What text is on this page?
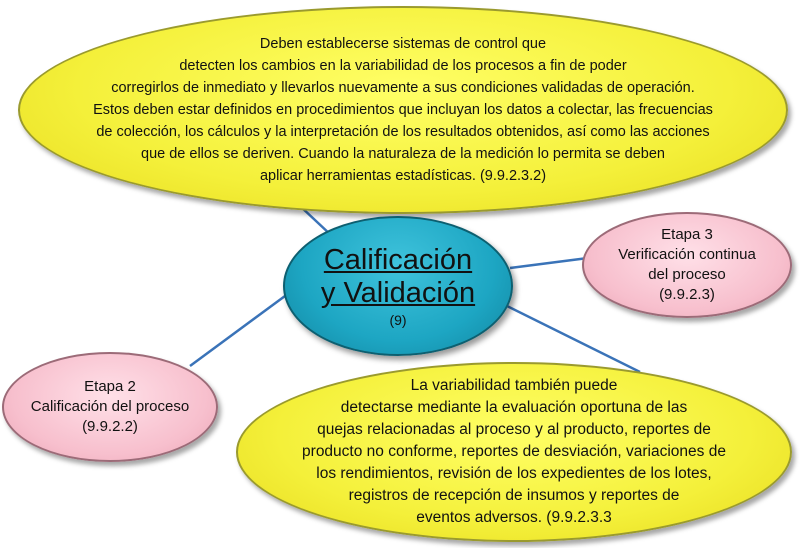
Deben establecerse sistemas de control que
detecten los cambios en la variabilidad de los procesos a fin de poder
corregirlos de inmediato y llevarlos nuevamente a sus condiciones validadas de operación.
Estos deben estar definidos en procedimientos que incluyan los datos a colectar, las frecuencias
de colección, los cálculos y la interpretación de los resultados obtenidos, así como las acciones
que de ellos se deriven. Cuando la naturaleza de la medición lo permita se deben
aplicar herramientas estadísticas. (9.9.2.3.2)
Etapa 3
Verificación continua
del proceso
(9.9.2.3)
Calificación
y Validación
(9)
Etapa 2
Calificación del proceso
(9.9.2.2)
La variabilidad también puede
detectarse mediante la evaluación oportuna de las
quejas relacionadas al proceso y al producto, reportes de
producto no conforme, reportes de desviación, variaciones de
los rendimientos, revisión de los expedientes de los lotes,
registros de recepción de insumos y reportes de
eventos adversos. (9.9.2.3.3
